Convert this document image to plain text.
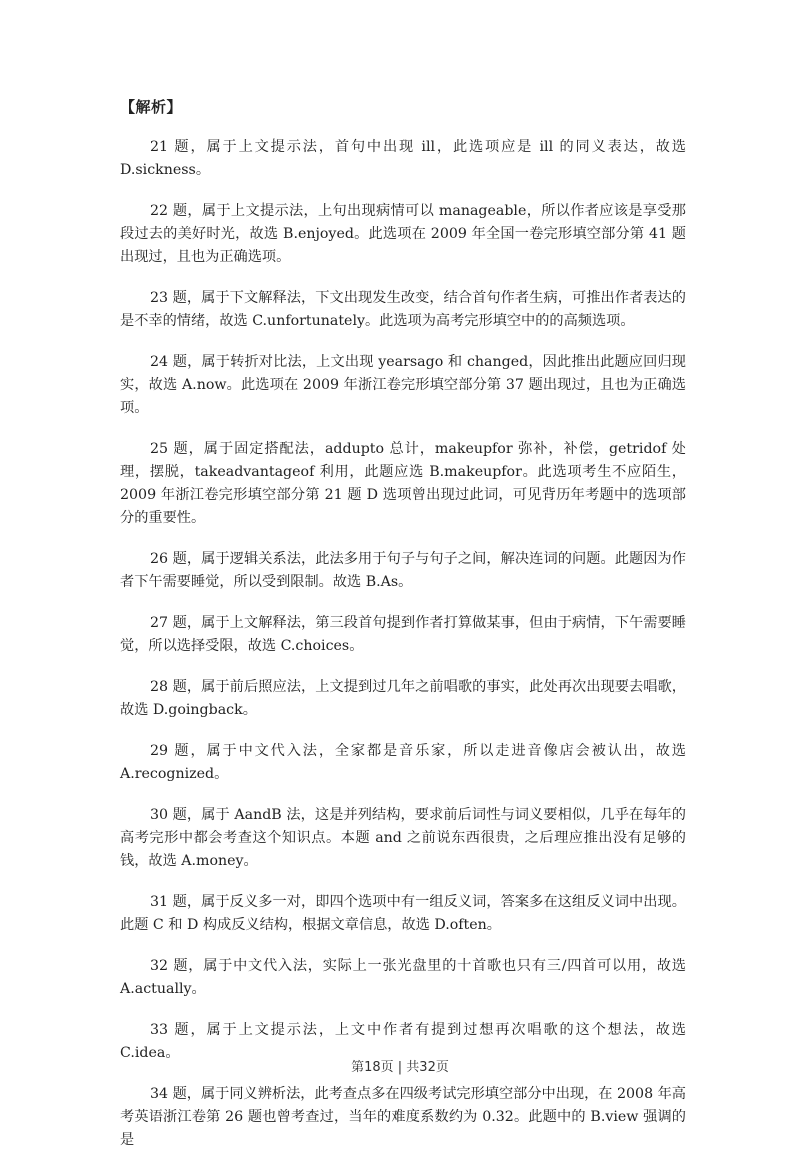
【解析】

21 题，属于上文提示法，首句中出现 ill，此选项应是 ill 的同义表达，故选 D.sickness。

22 题，属于上文提示法，上句出现病情可以 manageable，所以作者应该是享受那段过去的美好时光，故选 B.enjoyed。此选项在 2009 年全国一卷完形填空部分第 41 题出现过，且也为正确选项。

23 题，属于下文解释法，下文出现发生改变，结合首句作者生病，可推出作者表达的是不幸的情绪，故选 C.unfortunately。此选项为高考完形填空中的的高频选项。

24 题，属于转折对比法，上文出现 yearsago 和 changed，因此推出此题应回归现实，故选 A.now。此选项在 2009 年浙江卷完形填空部分第 37 题出现过，且也为正确选项。

25 题，属于固定搭配法，addupto 总计，makeupfor 弥补，补偿，getridof 处理，摆脱，takeadvantageof 利用，此题应选 B.makeupfor。此选项考生不应陌生，2009 年浙江卷完形填空部分第 21 题 D 选项曾出现过此词，可见背历年考题中的选项部分的重要性。

26 题，属于逻辑关系法，此法多用于句子与句子之间，解决连词的问题。此题因为作者下午需要睡觉，所以受到限制。故选 B.As。

27 题，属于上文解释法，第三段首句提到作者打算做某事，但由于病情，下午需要睡觉，所以选择受限，故选 C.choices。

28 题，属于前后照应法，上文提到过几年之前唱歌的事实，此处再次出现要去唱歌，故选 D.goingback。

29 题，属于中文代入法，全家都是音乐家，所以走进音像店会被认出，故选 A.recognized。

30 题，属于 AandB 法，这是并列结构，要求前后词性与词义要相似，几乎在每年的高考完形中都会考查这个知识点。本题 and 之前说东西很贵，之后理应推出没有足够的钱，故选 A.money。

31 题，属于反义多一对，即四个选项中有一组反义词，答案多在这组反义词中出现。此题 C 和 D 构成反义结构，根据文章信息，故选 D.often。

32 题，属于中文代入法，实际上一张光盘里的十首歌也只有三/四首可以用，故选 A.actually。

33 题，属于上文提示法，上文中作者有提到过想再次唱歌的这个想法，故选 C.idea。

34 题，属于同义辨析法，此考查点多在四级考试完形填空部分中出现，在 2008 年高考英语浙江卷第 26 题也曾考查过，当年的难度系数约为 0.32。此题中的 B.view 强调的是

第18页 | 共32页
